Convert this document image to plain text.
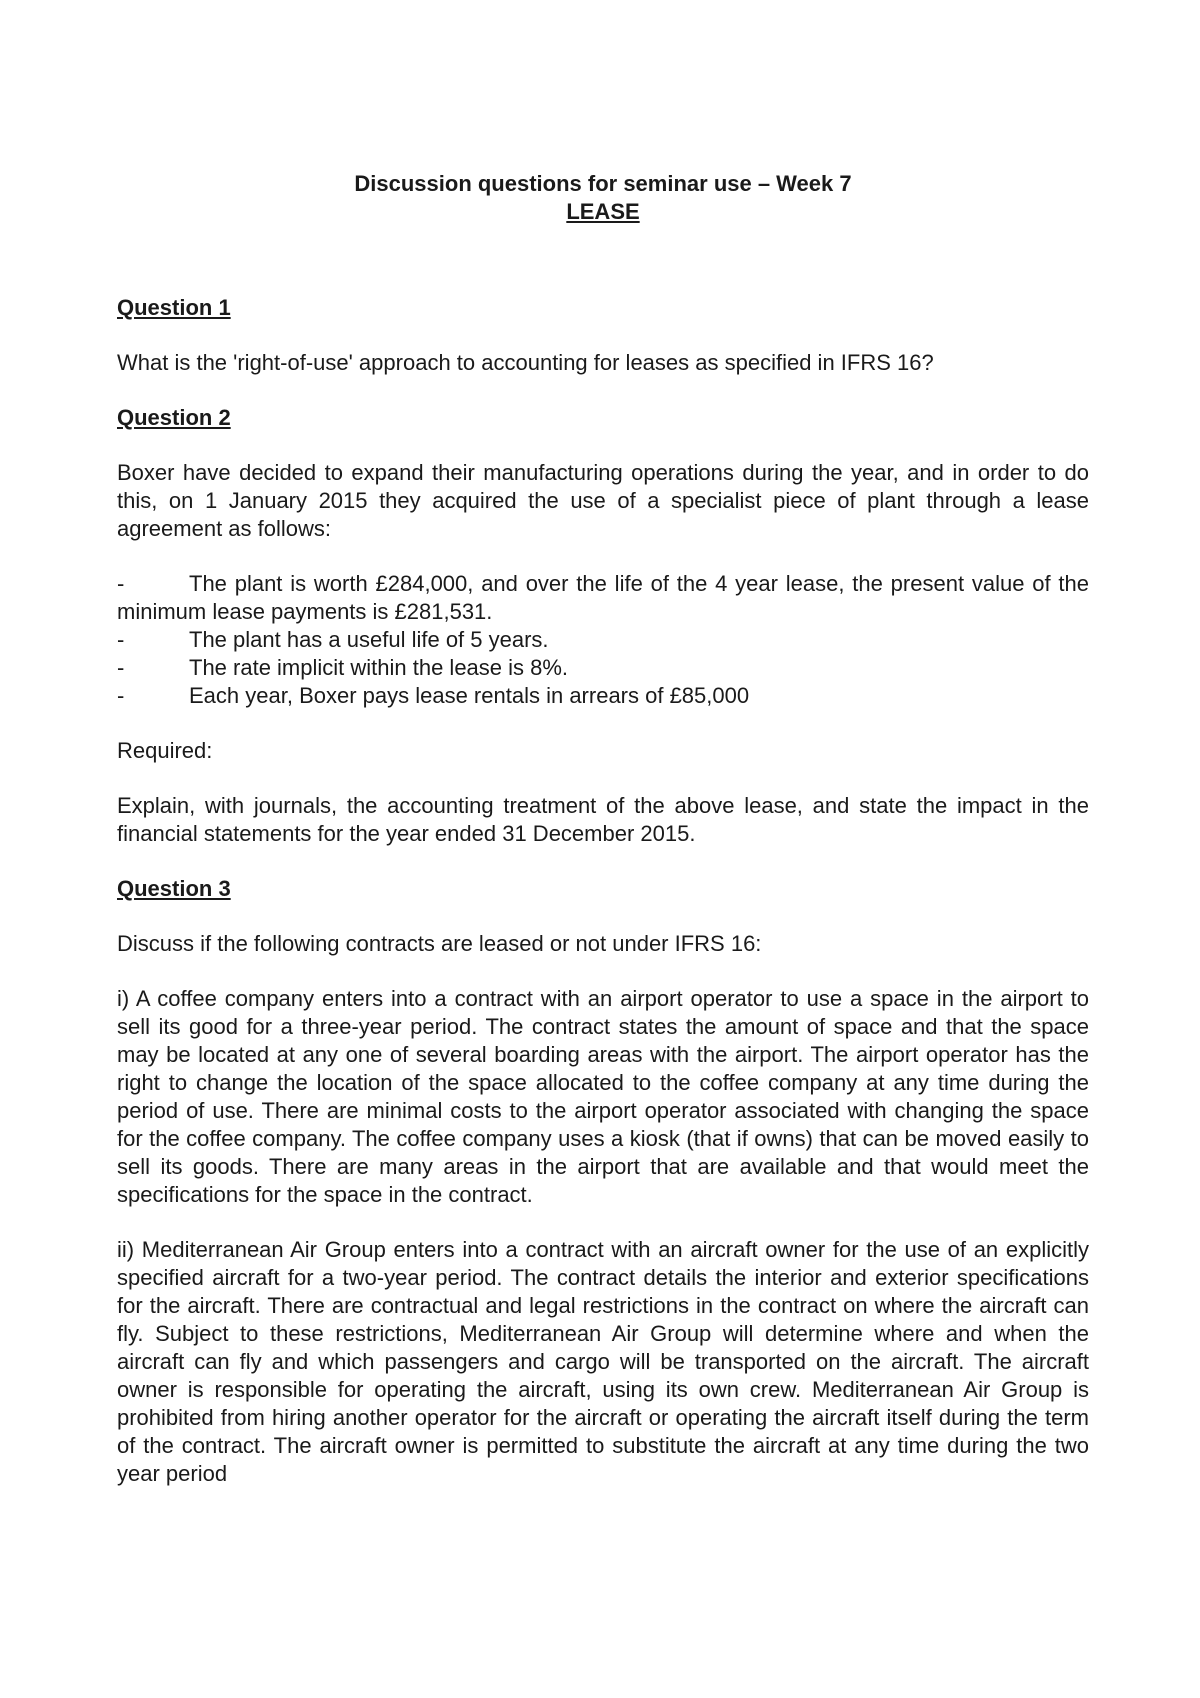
Discussion questions for seminar use – Week 7

LEASE

Question 1

What is the 'right-of-use' approach to accounting for leases as specified in IFRS 16?

Question 2

Boxer have decided to expand their manufacturing operations during the year, and in order to do this, on 1 January 2015 they acquired the use of a specialist piece of plant through a lease agreement as follows:

-	The plant is worth £284,000, and over the life of the 4 year lease, the present value of the minimum lease payments is £281,531.
-	The plant has a useful life of 5 years.
-	The rate implicit within the lease is 8%.
-	Each year, Boxer pays lease rentals in arrears of £85,000

Required:

Explain, with journals, the accounting treatment of the above lease, and state the impact in the financial statements for the year ended 31 December 2015.

Question 3

Discuss if the following contracts are leased or not under IFRS 16:

i) A coffee company enters into a contract with an airport operator to use a space in the airport to sell its good for a three-year period. The contract states the amount of space and that the space may be located at any one of several boarding areas with the airport. The airport operator has the right to change the location of the space allocated to the coffee company at any time during the period of use. There are minimal costs to the airport operator associated with changing the space for the coffee company. The coffee company uses a kiosk (that if owns) that can be moved easily to sell its goods. There are many areas in the airport that are available and that would meet the specifications for the space in the contract.

ii) Mediterranean Air Group enters into a contract with an aircraft owner for the use of an explicitly specified aircraft for a two-year period. The contract details the interior and exterior specifications for the aircraft. There are contractual and legal restrictions in the contract on where the aircraft can fly. Subject to these restrictions, Mediterranean Air Group will determine where and when the aircraft can fly and which passengers and cargo will be transported on the aircraft. The aircraft owner is responsible for operating the aircraft, using its own crew. Mediterranean Air Group is prohibited from hiring another operator for the aircraft or operating the aircraft itself during the term of the contract. The aircraft owner is permitted to substitute the aircraft at any time during the two year period
